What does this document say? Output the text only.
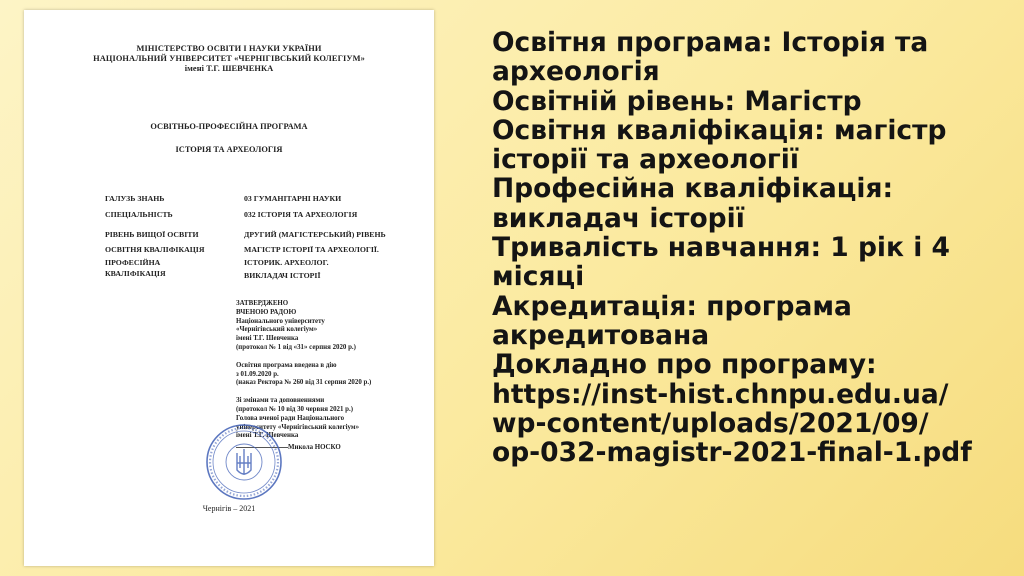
МІНІСТЕРСТВО ОСВІТИ І НАУКИ УКРАЇНИ
НАЦІОНАЛЬНИЙ УНІВЕРСИТЕТ «ЧЕРНІГІВСЬКИЙ КОЛЕГІУМ»
імені Т.Г. ШЕВЧЕНКА
ОСВІТНЬО-ПРОФЕСІЙНА ПРОГРАМА
ІСТОРІЯ ТА АРХЕОЛОГІЯ
ГАЛУЗЬ ЗНАНЬ	03 ГУМАНІТАРНІ НАУКИ
СПЕЦІАЛЬНІСТЬ	032 ІСТОРІЯ ТА АРХЕОЛОГІЯ
РІВЕНЬ ВИЩОЇ ОСВІТИ	ДРУГИЙ (МАГІСТЕРСЬКИЙ) РІВЕНЬ
ОСВІТНЯ КВАЛІФІКАЦІЯ	МАГІСТР ІСТОРІЇ ТА АРХЕОЛОГІЇ.
ПРОФЕСІЙНА	ІСТОРИК. АРХЕОЛОГ.
КВАЛІФІКАЦІЯ	ВИКЛАДАЧ ІСТОРІЇ
ЗАТВЕРДЖЕНО
ВЧЕНОЮ РАДОЮ
Національного університету
«Чернігівський колегіум»
імені Т.Г. Шевченка
(протокол № 1 від «31» серпня 2020 р.)
Освітня програма введена в дію
з 01.09.2020 р.
(наказ Ректора № 260 від 31 серпня 2020 р.)
Зі змінами та доповненнями
(протокол № 10 від 30 червня 2021 р.)
Голова вченої ради Національного
університету «Чернігівський колегіум»
імені Т.Г. Шевченка
Микола НОСКО
Чернігів – 2021
Освітня програма: Історія та
археологія
Освітній рівень: Магістр
Освітня кваліфікація: магістр
історії та археології
Професійна кваліфікація:
викладач історії
Тривалість навчання: 1 рік і 4
місяці
Акредитація: програма
акредитована
Докладно про програму:
https://inst-hist.chnpu.edu.ua/
wp-content/uploads/2021/09/
op-032-magistr-2021-final-1.pdf
